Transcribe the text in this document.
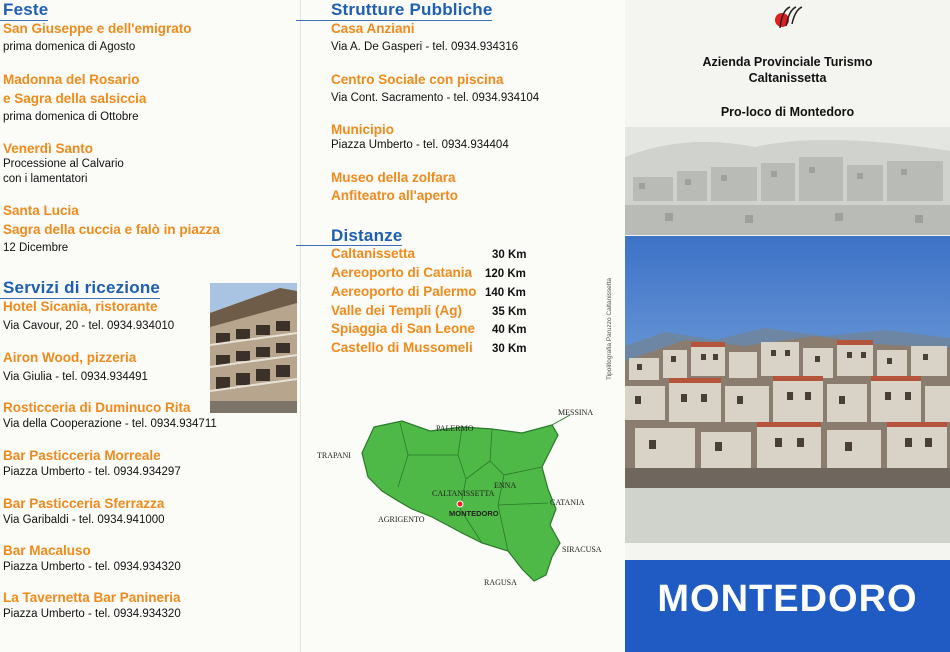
Feste
San Giuseppe e dell'emigrato
prima domenica di Agosto
Madonna del Rosario
e Sagra della salsiccia
prima domenica di Ottobre
Venerdì Santo
Processione al Calvario
con i lamentatori
Santa Lucia
Sagra della cuccia e falò in piazza
12 Dicembre
Servizi di ricezione
Hotel Sicania, ristorante
Via Cavour, 20 - tel. 0934.934010
Airon Wood, pizzeria
Via Giulia - tel. 0934.934491
Rosticceria di Duminuco Rita
Via della Cooperazione - tel. 0934.934711
Bar Pasticceria Morreale
Piazza Umberto - tel. 0934.934297
Bar Pasticceria Sferrazza
Via Garibaldi - tel. 0934.941000
Bar Macaluso
Piazza Umberto - tel. 0934.934320
La Tavernetta Bar Panineria
Piazza Umberto - tel. 0934.934320
Strutture Pubbliche
Casa Anziani
Via A. De Gasperi - tel. 0934.934316
Centro Sociale con piscina
Via Cont. Sacramento - tel. 0934.934104
Municipio
Piazza Umberto - tel. 0934.934404
Museo della zolfara
Anfiteatro all'aperto
Distanze
Caltanissetta	30 Km
Aereoporto di Catania 120 Km
Aereoporto di Palermo 140 Km
Valle dei Templi (Ag)	35 Km
Spiaggia di San Leone 40 Km
Castello di Mussomeli 30 Km
MESSINA
PALERMO
TRAPANI
ENNA
CALTANISSETTA
MONTEDORO
CATANIA
AGRIGENTO
SIRACUSA
RAGUSA
Tipolitografia Paruzzo Caltanissetta
Azienda Provinciale Turismo
Caltanissetta
Pro-loco di Montedoro
MONTEDORO
